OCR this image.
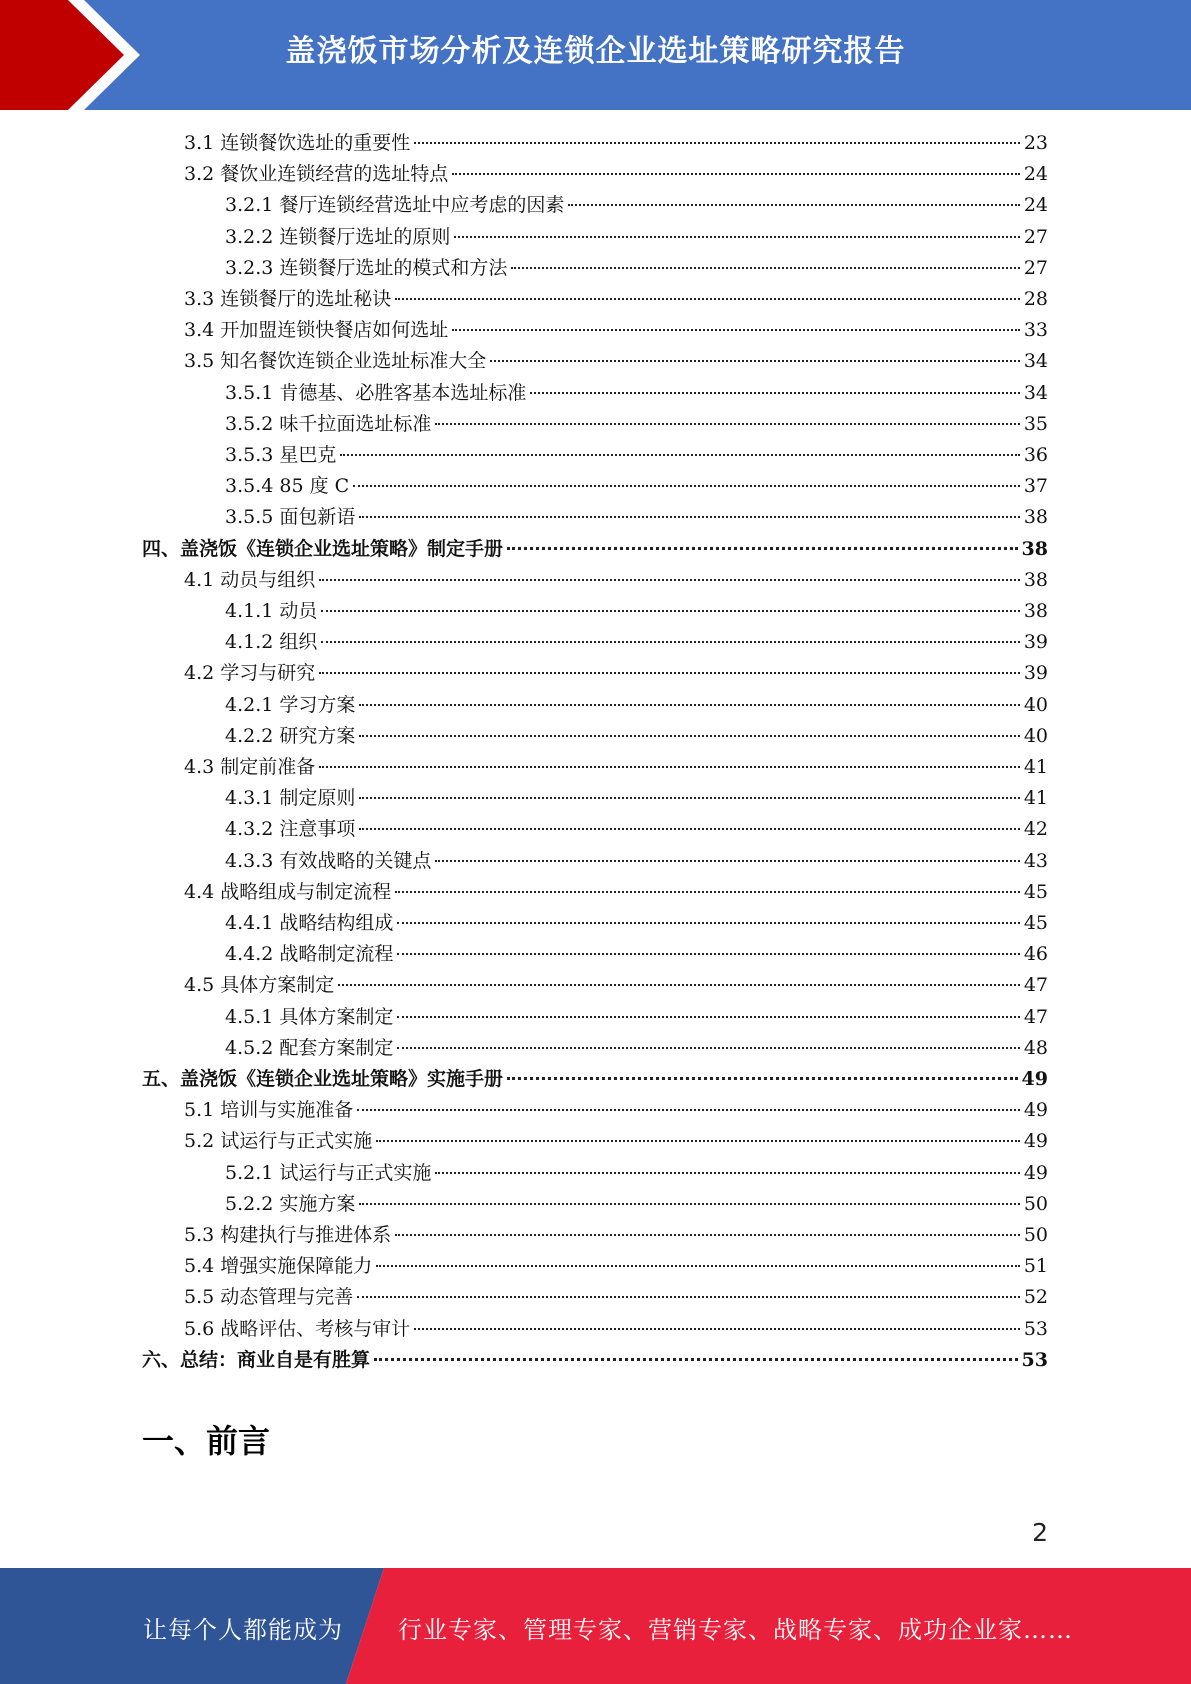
盖浇饭市场分析及连锁企业选址策略研究报告
3.1 连锁餐饮选址的重要性	23
3.2 餐饮业连锁经营的选址特点	24
3.2.1 餐厅连锁经营选址中应考虑的因素	24
3.2.2 连锁餐厅选址的原则	27
3.2.3 连锁餐厅选址的模式和方法	27
3.3 连锁餐厅的选址秘诀	28
3.4 开加盟连锁快餐店如何选址	33
3.5 知名餐饮连锁企业选址标准大全	34
3.5.1 肯德基、必胜客基本选址标准	34
3.5.2 味千拉面选址标准	35
3.5.3 星巴克	36
3.5.4 85 度 C	37
3.5.5 面包新语	38
四、盖浇饭《连锁企业选址策略》制定手册	38
4.1 动员与组织	38
4.1.1 动员	38
4.1.2 组织	39
4.2 学习与研究	39
4.2.1 学习方案	40
4.2.2 研究方案	40
4.3 制定前准备	41
4.3.1 制定原则	41
4.3.2 注意事项	42
4.3.3 有效战略的关键点	43
4.4 战略组成与制定流程	45
4.4.1 战略结构组成	45
4.4.2 战略制定流程	46
4.5 具体方案制定	47
4.5.1 具体方案制定	47
4.5.2 配套方案制定	48
五、盖浇饭《连锁企业选址策略》实施手册	49
5.1 培训与实施准备	49
5.2 试运行与正式实施	49
5.2.1 试运行与正式实施	49
5.2.2 实施方案	50
5.3 构建执行与推进体系	50
5.4 增强实施保障能力	51
5.5 动态管理与完善	52
5.6 战略评估、考核与审计	53
六、总结：商业自是有胜算	53
一、前言
2
让每个人都能成为 行业专家、管理专家、营销专家、战略专家、成功企业家……
